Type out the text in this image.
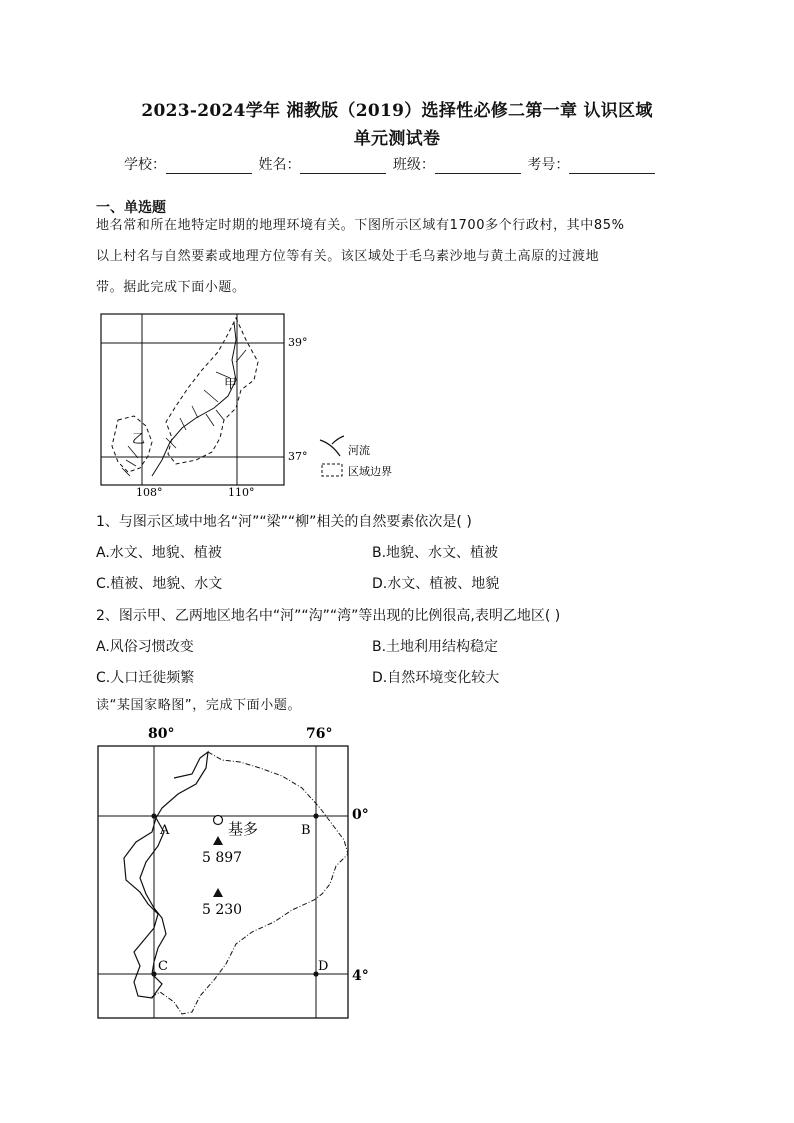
2023-2024学年 湘教版（2019）选择性必修二第一章 认识区域
单元测试卷
学校：	姓名：	班级：	考号：
一、单选题
地名常和所在地特定时期的地理环境有关。下图所示区域有1700多个行政村，其中85%
以上村名与自然要素或地理方位等有关。该区域处于毛乌素沙地与黄土高原的过渡地
带。据此完成下面小题。
甲
乙
39°
37°
108°	110°
河流
区域边界
1、与图示区域中地名“河”“梁”“柳”相关的自然要素依次是( )
A.水文、地貌、植被	B.地貌、水文、植被
C.植被、地貌、水文	D.水文、植被、地貌
2、图示甲、乙两地区地名中“河”“沟”“湾”等出现的比例很高,表明乙地区( )
A.风俗习惯改变	B.土地利用结构稳定
C.人口迁徙频繁	D.自然环境变化较大
读“某国家略图”，完成下面小题。
80°	76°
0°
4°
A	B
C	D
基多
5 897
5 230
